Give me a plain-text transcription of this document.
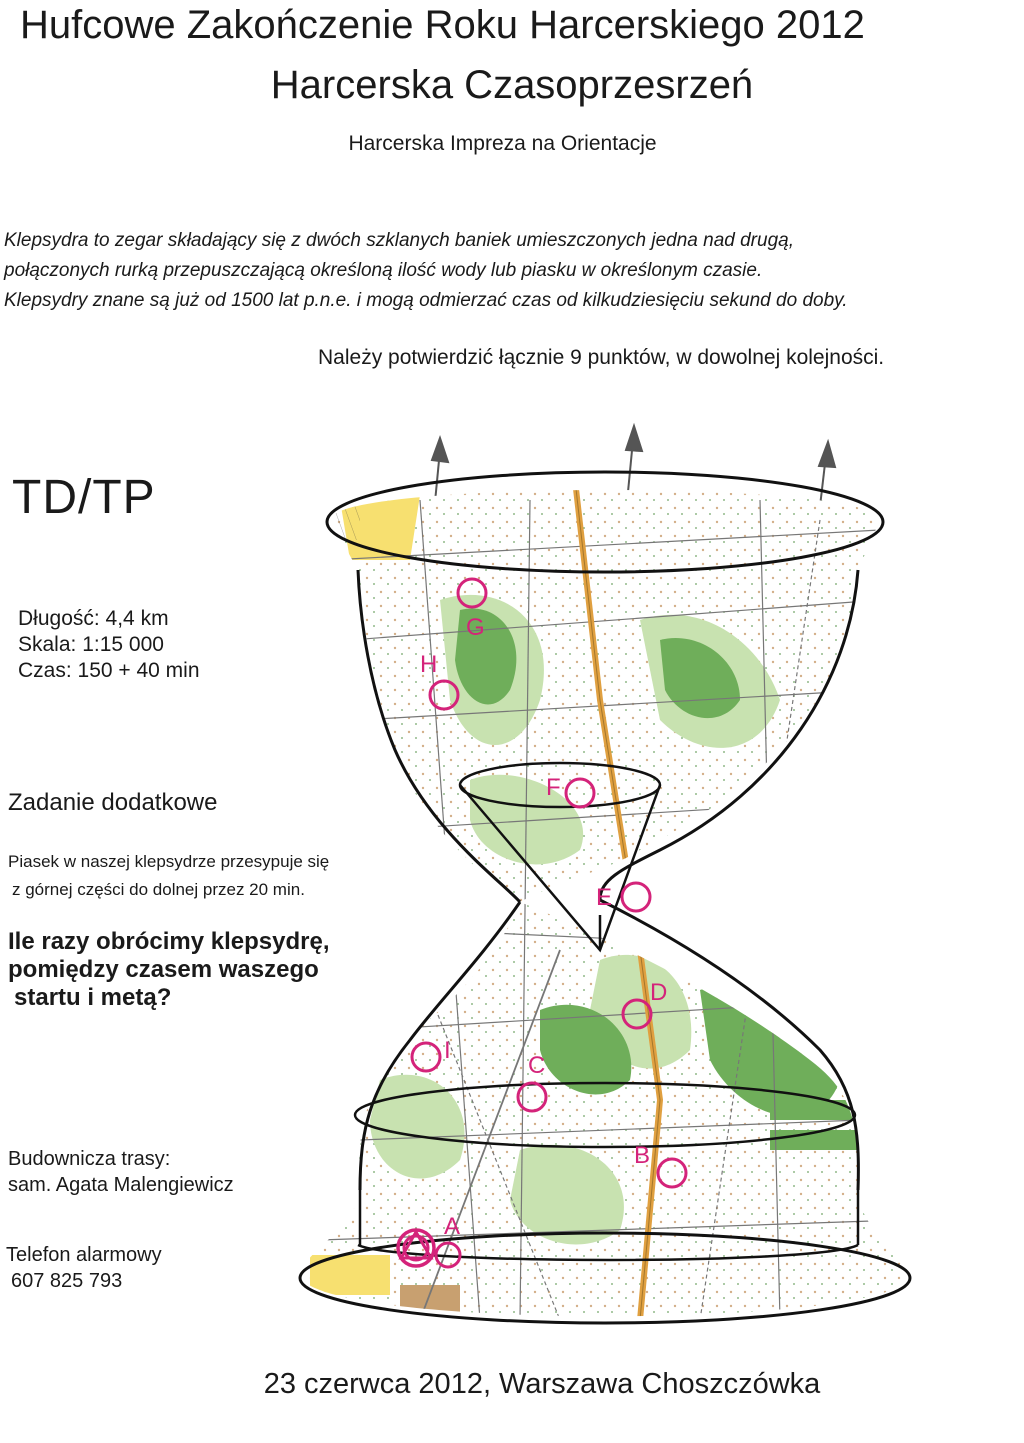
Hufcowe Zakończenie Roku Harcerskiego 2012
Harcerska Czasoprzesrzeń
Harcerska Impreza na Orientacje
Klepsydra to zegar składający się z dwóch szklanych baniek umieszczonych jedna nad drugą,
połączonych rurką przepuszczającą określoną ilość wody lub piasku w określonym czasie.
Klepsydry znane są już od 1500 lat p.n.e. i mogą odmierzać czas od kilkudziesięciu sekund do doby.
Należy potwierdzić łącznie 9 punktów, w dowolnej kolejności.
G
H
F
E
D
I
C
B
A
TD/TP
Długość: 4,4 km
Skala: 1:15 000
Czas: 150 + 40 min
Zadanie dodatkowe
Piasek w naszej klepsydrze przesypuje się
z górnej części do dolnej przez 20 min.
Ile razy obrócimy klepsydrę,
pomiędzy czasem waszego
startu i metą?
Budownicza trasy:
sam. Agata Malengiewicz
Telefon alarmowy
607 825 793
23 czerwca 2012, Warszawa Choszczówka
